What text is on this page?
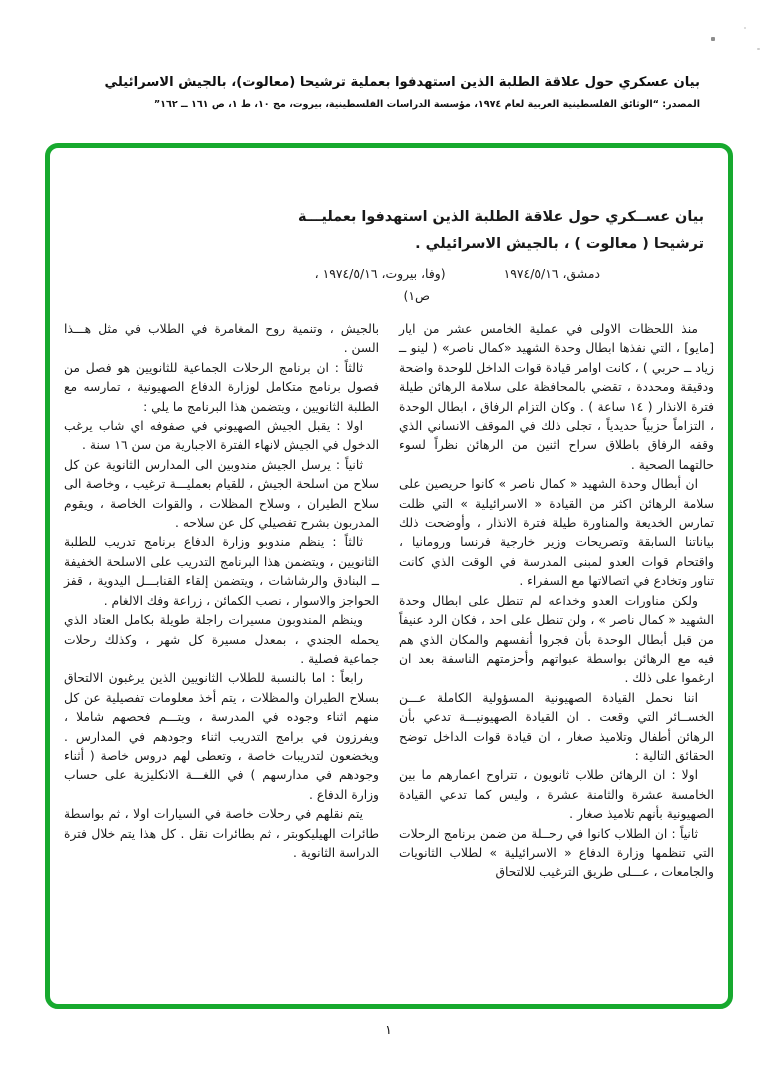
بيان عسكري حول علاقة الطلبة الذين استهدفوا بعملية ترشيحا (معالوت)، بالجيش الاسرائيلي
المصدر: “الوثائق الفلسطينية العربية لعام ١٩٧٤، مؤسسة الدراسات الفلسطينية، بيروت، مج ١٠، ط ١، ص ١٦١ ــ ١٦٢”
بيان عســكري حول علاقة الطلبة الذين استهدفوا بعمليـــة
ترشيحا ( معالوت ) ، بالجيش الاسرائيلي .
دمشق، ١٩٧٤/٥/١٦
(وفا، بيروت، ١٩٧٤/٥/١٦ ،
ص١)

منذ اللحظات الاولى في عملية الخامس عشر من ايار [مايو] ، التي نفذها ابطال وحدة الشهيد «كمال ناصر» ( لينو ــ زياد ــ حربي ) ، كانت اوامر قيادة قوات الداخل للوحدة واضحة ودقيقة ومحددة ، تقضي بالمحافظة على سلامة الرهائن طيلة فترة الانذار ( ١٤ ساعة ) . وكان التزام الرفاق ، ابطال الوحدة ، التزاماً حزبياً حديدياً ، تجلى ذلك في الموقف الانساني الذي وقفه الرفاق باطلاق سراح اثنين من الرهائن نظراً لسوء حالتهما الصحية .

ان أبطال وحدة الشهيد « كمال ناصر » كانوا حريصين على سلامة الرهائن اكثر من القيادة « الاسرائيلية » التي ظلت تمارس الخديعة والمناورة طيلة فترة الانذار ، وأوضحت ذلك بياناتنا السابقة وتصريحات وزير خارجية فرنسا ورومانيا ، واقتحام قوات العدو لمبنى المدرسة في الوقت الذي كانت تناور وتخادع في اتصالاتها مع السفراء .

ولكن مناورات العدو وخداعه لم تنطل على ابطال وحدة الشهيد « كمال ناصر » ، ولن تنطل على احد ، فكان الرد عنيفاً من قبل أبطال الوحدة بأن فجروا أنفسهم والمكان الذي هم فيه مع الرهائن بواسطة عبواتهم وأحزمتهم الناسفة بعد ان ارغموا على ذلك .

اننا نحمل القيادة الصهيونية المسؤولية الكاملة عـــن الخســائر التي وقعت . ان القيادة الصهيونيـــة تدعي بأن الرهائن أطفال وتلاميذ صغار ، ان قيادة قوات الداخل توضح الحقائق التالية :

اولا : ان الرهائن طلاب ثانويون ، تتراوح اعمارهم ما بين الخامسة عشرة والثامنة عشرة ، وليس كما تدعي القيادة الصهيونية بأنهم تلاميذ صغار .

ثانياً : ان الطلاب كانوا في رحــلة من ضمن برنامج الرحلات التي تنظمها وزارة الدفاع « الاسرائيلية » لطلاب الثانويات والجامعات ، عـــلى طريق الترغيب للالتحاق

بالجيش ، وتنمية روح المغامرة في الطلاب في مثل هـــذا السن .

ثالثاً : ان برنامج الرحلات الجماعية للثانويين هو فصل من فصول برنامج متكامل لوزارة الدفاع الصهيونية ، تمارسه مع الطلبة الثانويين ، ويتضمن هذا البرنامج ما يلي :

اولا : يقبل الجيش الصهيوني في صفوفه اي شاب يرغب الدخول في الجيش لانهاء الفترة الاجبارية من سن ١٦ سنة .

ثانياً : يرسل الجيش مندوبين الى المدارس الثانوية عن كل سلاح من اسلحة الجيش ، للقيام بعمليـــة ترغيب ، وخاصة الى سلاح الطيران ، وسلاح المظلات ، والقوات الخاصة ، ويقوم المدربون بشرح تفصيلي كل عن سلاحه .

ثالثاً : ينظم مندوبو وزارة الدفاع برنامج تدريب للطلبة الثانويين ، ويتضمن هذا البرنامج التدريب على الاسلحة الخفيفة ــ البنادق والرشاشات ، ويتضمن إلقاء القنابـــل اليدوية ، قفز الحواجز والاسوار ، نصب الكمائن ، زراعة وفك الالغام .

وينظم المندوبون مسيرات راجلة طويلة بكامل العتاد الذي يحمله الجندي ، بمعدل مسيرة كل شهر ، وكذلك رحلات جماعية فصلية .

رابعاً : اما بالنسبة للطلاب الثانويين الذين يرغبون الالتحاق بسلاح الطيران والمظلات ، يتم أخذ معلومات تفصيلية عن كل منهم اثناء وجوده في المدرسة ، ويتـــم فحصهم شاملا ، ويفرزون في برامج التدريب اثناء وجودهم في المدارس . ويخضعون لتدريبات خاصة ، وتعطى لهم دروس خاصة ( أثناء وجودهم في مدارسهم ) في اللغـــة الانكليزية على حساب وزارة الدفاع .

يتم نقلهم في رحلات خاصة في السيارات اولا ، ثم بواسطة طائرات الهيليكوبتر ، ثم بطائرات نقل . كل هذا يتم خلال فترة الدراسة الثانوية .

١
